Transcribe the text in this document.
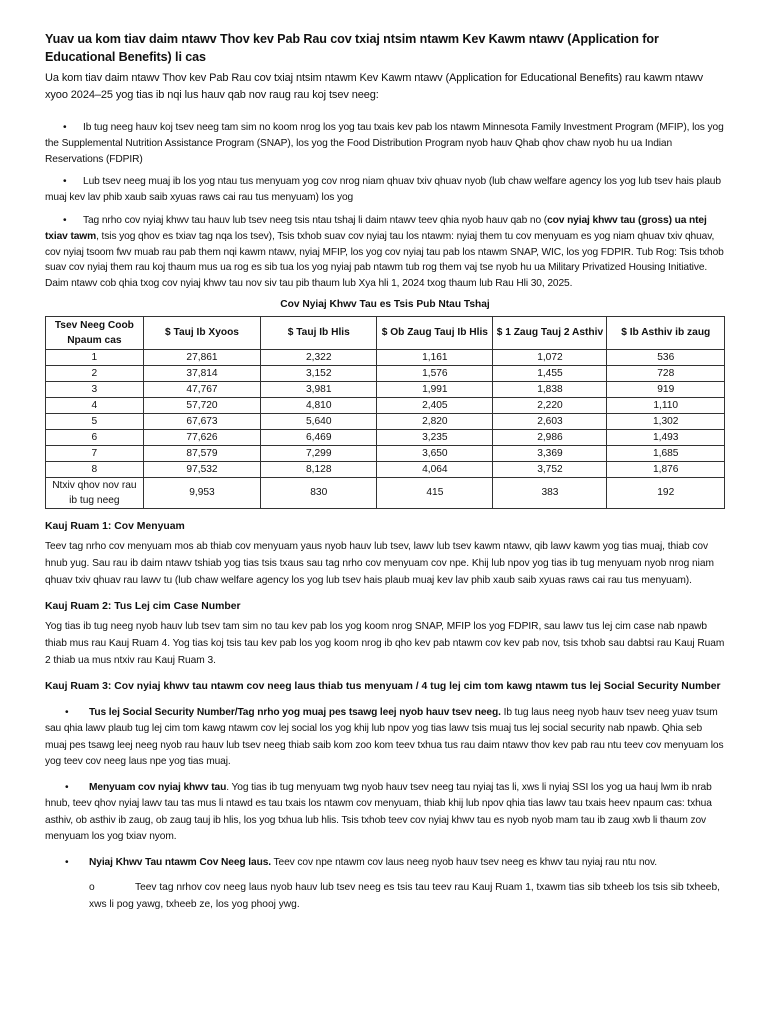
Yuav ua kom tiav daim ntawv Thov kev Pab Rau cov txiaj ntsim ntawm Kev Kawm ntawv (Application for Educational Benefits) li cas

Ua kom tiav daim ntawv Thov kev Pab Rau cov txiaj ntsim ntawm Kev Kawm ntawv (Application for Educational Benefits) rau kawm ntawv xyoo 2024–25 yog tias ib nqi lus hauv qab nov raug rau koj tsev neeg:

• Ib tug neeg hauv koj tsev neeg tam sim no koom nrog los yog tau txais kev pab los ntawm Minnesota Family Investment Program (MFIP), los yog the Supplemental Nutrition Assistance Program (SNAP), los yog the Food Distribution Program nyob hauv Qhab qhov chaw nyob hu ua Indian Reservations (FDPIR)
• Lub tsev neeg muaj ib los yog ntau tus menyuam yog cov nrog niam qhuav txiv qhuav nyob (lub chaw welfare agency los yog lub tsev hais plaub muaj kev lav phib xaub saib xyuas raws cai rau tus menyuam) los yog
• Tag nrho cov nyiaj khwv tau hauv lub tsev neeg tsis ntau tshaj li daim ntawv teev qhia nyob hauv qab no (cov nyiaj khwv tau (gross) ua ntej txiav tawm, tsis yog qhov es txiav tag nqa los tsev), Tsis txhob suav cov nyiaj tau los ntawm: nyiaj them tu cov menyuam es yog niam qhuav txiv qhuav, cov nyiaj tsoom fwv muab rau pab them nqi kawm ntawv, nyiaj MFIP, los yog cov nyiaj tau pab los ntawm SNAP, WIC, los yog FDPIR. Tub Rog: Tsis txhob suav cov nyiaj them rau koj thaum mus ua rog es sib tua los yog nyiaj pab ntawm tub rog them vaj tse nyob hu ua Military Privatized Housing Initiative. Daim ntawv cob qhia txog cov nyiaj khwv tau nov siv tau pib thaum lub Xya hli 1, 2024 txog thaum lub Rau Hli 30, 2025.
Cov Nyiaj Khwv Tau es Tsis Pub Ntau Tshaj
Tsev Neeg Coob Npaum cas	$ Tauj Ib Xyoos	$ Tauj Ib Hlis	$ Ob Zaug Tauj Ib Hlis	$ 1 Zaug Tauj 2 Asthiv	$ Ib Asthiv ib zaug
1	27,861	2,322	1,161	1,072	536
2	37,814	3,152	1,576	1,455	728
3	47,767	3,981	1,991	1,838	919
4	57,720	4,810	2,405	2,220	1,110
5	67,673	5,640	2,820	2,603	1,302
6	77,626	6,469	3,235	2,986	1,493
7	87,579	7,299	3,650	3,369	1,685
8	97,532	8,128	4,064	3,752	1,876
Ntxiv qhov nov rau ib tug neeg	9,953	830	415	383	192
Kauj Ruam 1: Cov Menyuam

Teev tag nrho cov menyuam mos ab thiab cov menyuam yaus nyob hauv lub tsev, lawv lub tsev kawm ntawv, qib lawv kawm yog tias muaj, thiab cov hnub yug. Sau rau ib daim ntawv tshiab yog tias tsis txaus sau tag nrho cov menyuam cov npe. Khij lub npov yog tias ib tug menyuam nyob nrog niam qhuav txiv qhuav rau lawv tu (lub chaw welfare agency los yog lub tsev hais plaub muaj kev lav phib xaub saib xyuas raws cai rau tus menyuam).

Kauj Ruam 2: Tus Lej cim Case Number

Yog tias ib tug neeg nyob hauv lub tsev tam sim no tau kev pab los yog koom nrog SNAP, MFIP los yog FDPIR, sau lawv tus lej cim case nab npawb thiab mus rau Kauj Ruam 4. Yog tias koj tsis tau kev pab los yog koom nrog ib qho kev pab ntawm cov kev pab nov, tsis txhob sau dabtsi rau Kauj Ruam 2 thiab ua mus ntxiv rau Kauj Ruam 3.

Kauj Ruam 3: Cov nyiaj khwv tau ntawm cov neeg laus thiab tus menyuam / 4 tug lej cim tom kawg ntawm tus lej Social Security Number
• Tus lej Social Security Number/Tag nrho yog muaj pes tsawg leej nyob hauv tsev neeg. Ib tug laus neeg nyob hauv tsev neeg yuav tsum sau qhia lawv plaub tug lej cim tom kawg ntawm cov lej social los yog khij lub npov yog tias lawv tsis muaj tus lej social security nab npawb. Qhia seb muaj pes tsawg leej neeg nyob rau hauv lub tsev neeg thiab saib kom zoo kom teev txhua tus rau daim ntawv thov kev pab rau ntu teev cov menyuam los yog teev cov neeg laus npe yog tias muaj.
• Menyuam cov nyiaj khwv tau. Yog tias ib tug menyuam twg nyob hauv tsev neeg tau nyiaj tas li, xws li nyiaj SSI los yog ua hauj lwm ib nrab hnub, teev qhov nyiaj lawv tau tas mus li ntawd es tau txais los ntawm cov menyuam, thiab khij lub npov qhia tias lawv tau txais heev npaum cas: txhua asthiv, ob asthiv ib zaug, ob zaug tauj ib hlis, los yog txhua lub hlis. Tsis txhob teev cov nyiaj khwv tau es nyob nyob mam tau ib zaug xwb li thaum zov menyuam los yog txiav nyom.
• Nyiaj Khwv Tau ntawm Cov Neeg laus. Teev cov npe ntawm cov laus neeg nyob hauv tsev neeg es khwv tau nyiaj rau ntu nov.

o	Teev tag nrhov cov neeg laus nyob hauv lub tsev neeg es tsis tau teev rau Kauj Ruam 1, txawm tias sib txheeb los tsis sib txheeb, xws li pog yawg, txheeb ze, los yog phooj ywg.
